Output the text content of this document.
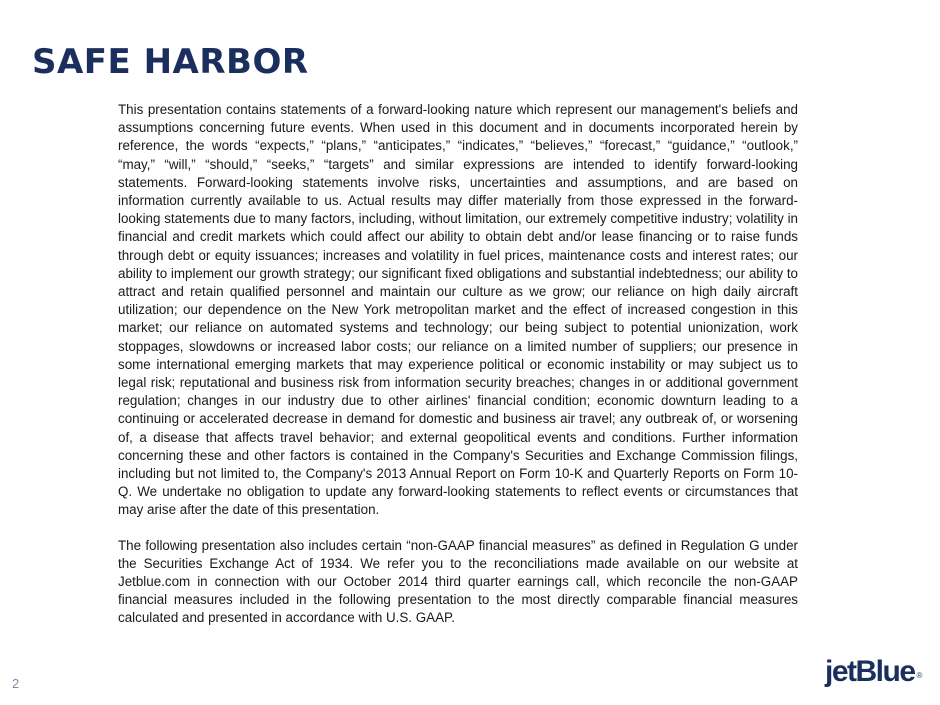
SAFE HARBOR

This presentation contains statements of a forward-looking nature which represent our management's beliefs and assumptions concerning future events. When used in this document and in documents incorporated herein by reference, the words “expects,” “plans,” “anticipates,” “indicates,” “believes,” “forecast,” “guidance,” “outlook,” “may,” “will,” “should,” “seeks,” “targets” and similar expressions are intended to identify forward-looking statements. Forward-looking statements involve risks, uncertainties and assumptions, and are based on information currently available to us. Actual results may differ materially from those expressed in the forward-looking statements due to many factors, including, without limitation, our extremely competitive industry; volatility in financial and credit markets which could affect our ability to obtain debt and/or lease financing or to raise funds through debt or equity issuances; increases and volatility in fuel prices, maintenance costs and interest rates; our ability to implement our growth strategy; our significant fixed obligations and substantial indebtedness; our ability to attract and retain qualified personnel and maintain our culture as we grow; our reliance on high daily aircraft utilization; our dependence on the New York metropolitan market and the effect of increased congestion in this market; our reliance on automated systems and technology; our being subject to potential unionization, work stoppages, slowdowns or increased labor costs; our reliance on a limited number of suppliers; our presence in some international emerging markets that may experience political or economic instability or may subject us to legal risk; reputational and business risk from information security breaches; changes in or additional government regulation; changes in our industry due to other airlines' financial condition; economic downturn leading to a continuing or accelerated decrease in demand for domestic and business air travel; any outbreak of, or worsening of, a disease that affects travel behavior; and external geopolitical events and conditions. Further information concerning these and other factors is contained in the Company's Securities and Exchange Commission filings, including but not limited to, the Company's 2013 Annual Report on Form 10-K and Quarterly Reports on Form 10-Q. We undertake no obligation to update any forward-looking statements to reflect events or circumstances that may arise after the date of this presentation.

The following presentation also includes certain “non-GAAP financial measures” as defined in Regulation G under the Securities Exchange Act of 1934. We refer you to the reconciliations made available on our website at Jetblue.com in connection with our October 2014 third quarter earnings call, which reconcile the non-GAAP financial measures included in the following presentation to the most directly comparable financial measures calculated and presented in accordance with U.S. GAAP.

2	jetBlue ®
